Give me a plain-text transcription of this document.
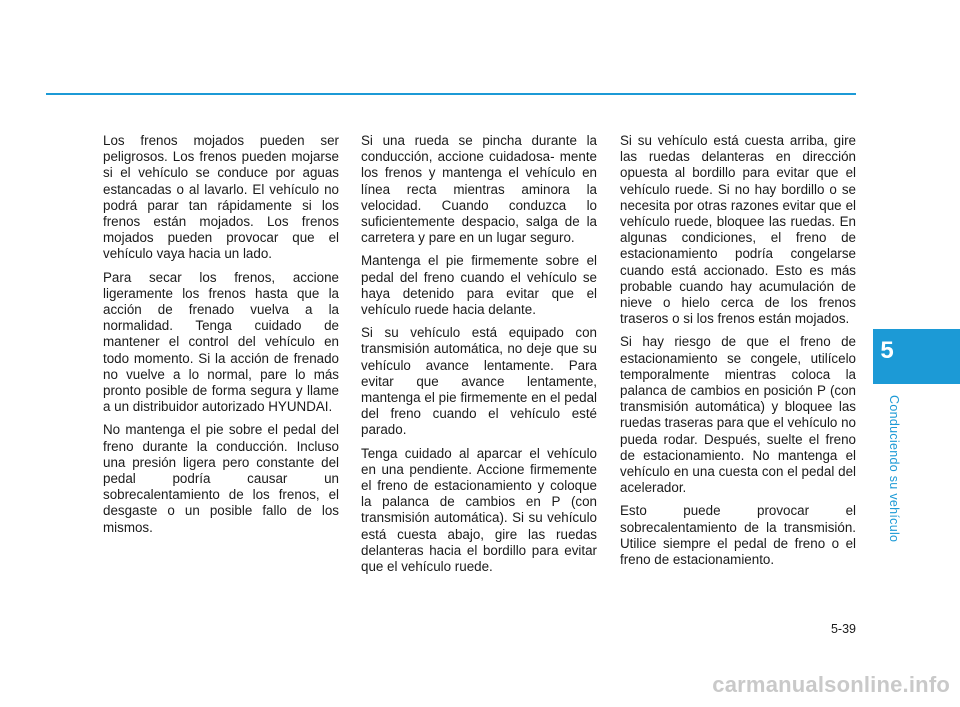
Los frenos mojados pueden ser peligrosos. Los frenos pueden mojarse si el vehículo se conduce por aguas estancadas o al lavarlo. El vehículo no podrá parar tan rápidamente si los frenos están mojados. Los frenos mojados pueden provocar que el vehículo vaya hacia un lado.

Para secar los frenos, accione ligeramente los frenos hasta que la acción de frenado vuelva a la normalidad. Tenga cuidado de mantener el control del vehículo en todo momento. Si la acción de frenado no vuelve a lo normal, pare lo más pronto posible de forma segura y llame a un distribuidor autorizado HYUNDAI.

No mantenga el pie sobre el pedal del freno durante la conducción. Incluso una presión ligera pero constante del pedal podría causar un sobrecalentamiento de los frenos, el desgaste o un posible fallo de los mismos.

Si una rueda se pincha durante la conducción, accione cuidadosa- mente los frenos y mantenga el vehículo en línea recta mientras aminora la velocidad. Cuando conduzca lo suficientemente despacio, salga de la carretera y pare en un lugar seguro.

Mantenga el pie firmemente sobre el pedal del freno cuando el vehículo se haya detenido para evitar que el vehículo ruede hacia delante.

Si su vehículo está equipado con transmisión automática, no deje que su vehículo avance lentamente. Para evitar que avance lentamente, mantenga el pie firmemente en el pedal del freno cuando el vehículo esté parado.

Tenga cuidado al aparcar el vehículo en una pendiente. Accione firmemente el freno de estacionamiento y coloque la palanca de cambios en P (con transmisión automática). Si su vehículo está cuesta abajo, gire las ruedas delanteras hacia el bordillo para evitar que el vehículo ruede.

Si su vehículo está cuesta arriba, gire las ruedas delanteras en dirección opuesta al bordillo para evitar que el vehículo ruede. Si no hay bordillo o se necesita por otras razones evitar que el vehículo ruede, bloquee las ruedas. En algunas condiciones, el freno de estacionamiento podría congelarse cuando está accionado. Esto es más probable cuando hay acumulación de nieve o hielo cerca de los frenos traseros o si los frenos están mojados.

Si hay riesgo de que el freno de estacionamiento se congele, utilícelo temporalmente mientras coloca la palanca de cambios en posición P (con transmisión automática) y bloquee las ruedas traseras para que el vehículo no pueda rodar. Después, suelte el freno de estacionamiento. No mantenga el vehículo en una cuesta con el pedal del acelerador.

Esto puede provocar el sobrecalentamiento de la transmisión. Utilice siempre el pedal de freno o el freno de estacionamiento.

5
Conduciendo su vehículo
5-39
carmanualsonline.info
